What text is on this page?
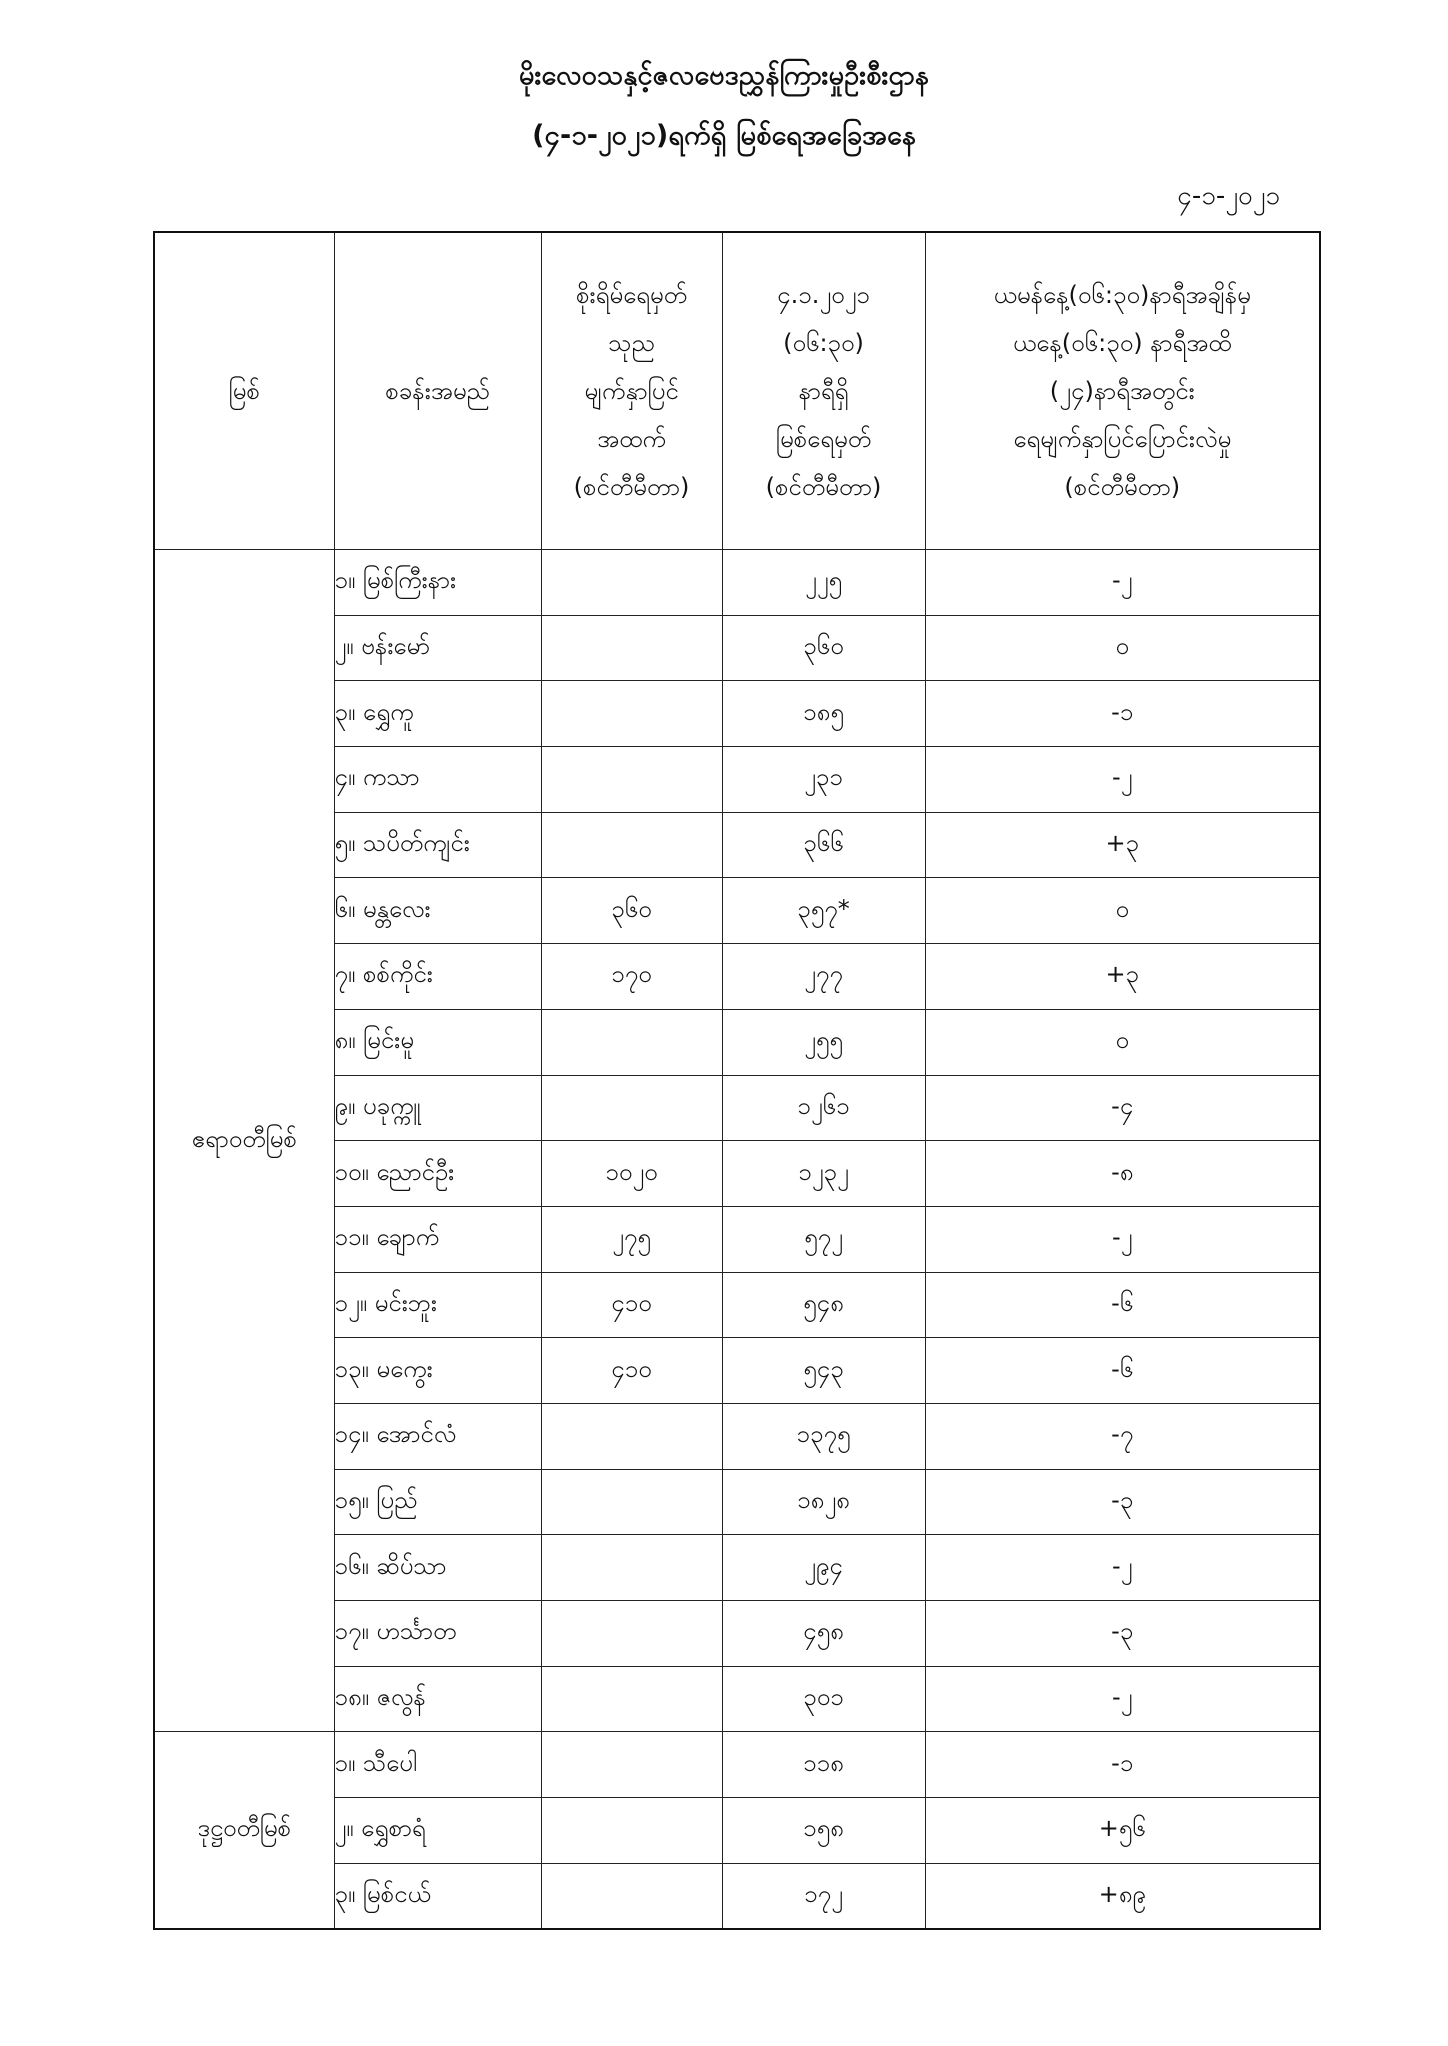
မိုးလေဝသနှင့်ဇလဗေဒညွှန်ကြားမှုဦးစီးဌာန
(၄-၁-၂၀၂၁)ရက်ရှိ မြစ်ရေအခြေအနေ
၄-၁-၂၀၂၁
မြစ်	စခန်းအမည်	စိုးရိမ်ရေမှတ်
သုည
မျက်နှာပြင်
အထက်
(စင်တီမီတာ)	၄.၁.၂၀၂၁
(၀၆:၃၀)
နာရီရှိ
မြစ်ရေမှတ်
(စင်တီမီတာ)	ယမန်နေ့(၀၆:၃၀)နာရီအချိန်မှ
ယနေ့(၀၆:၃၀) နာရီအထိ
(၂၄)နာရီအတွင်း
ရေမျက်နှာပြင်ပြောင်းလဲမှု
(စင်တီမီတာ)

ဧရာဝတီမြစ်	၁။ မြစ်ကြီးနား		၂၂၅	-၂
	၂။ ဗန်းမော်		၃၆၀	၀
	၃။ ရွှေကူ		၁၈၅	-၁
	၄။ ကသာ		၂၃၁	-၂
	၅။ သပိတ်ကျင်း		၃၆၆	+၃
	၆။ မန္တလေး	၃၆၀	၃၅၇*	၀
	၇။ စစ်ကိုင်း	၁၇၀	၂၇၇	+၃
	၈။ မြင်းမူ		၂၅၅	၀
	၉။ ပခုက္ကူ		၁၂၆၁	-၄
	၁၀။ ညောင်ဦး	၁၀၂၀	၁၂၃၂	-၈
	၁၁။ ချောက်	၂၇၅	၅၇၂	-၂
	၁၂။ မင်းဘူး	၄၁၀	၅၄၈	-၆
	၁၃။ မကွေး	၄၁၀	၅၄၃	-၆
	၁၄။ အောင်လံ		၁၃၇၅	-၇
	၁၅။ ပြည်		၁၈၂၈	-၃
	၁၆။ ဆိပ်သာ		၂၉၄	-၂
	၁၇။ ဟင်္သာတ		၄၅၈	-၃
	၁၈။ ဇလွန်		၃၀၁	-၂
ဒုဋ္ဌဝတီမြစ်	၁။ သီပေါ		၁၁၈	-၁
	၂။ ရွှေစာရံ		၁၅၈	+၅၆
	၃။ မြစ်ငယ်		၁၇၂	+၈၉
